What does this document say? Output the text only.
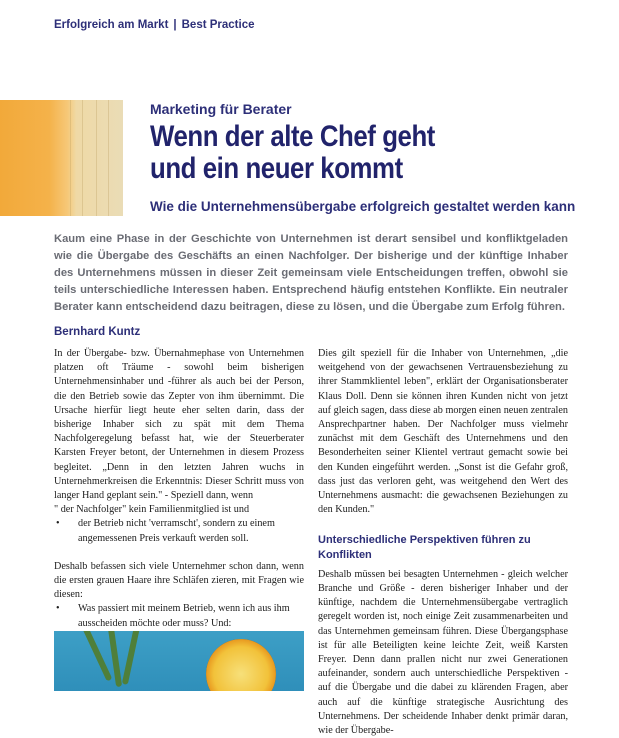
Erfolgreich am Markt | Best Practice
Marketing für Berater
Wenn der alte Chef geht
und ein neuer kommt
Wie die Unternehmensübergabe erfolgreich gestaltet werden kann

Kaum eine Phase in der Geschichte von Unternehmen ist derart sensibel und konfliktgeladen wie die Übergabe des Geschäfts an einen Nachfolger. Der bisherige und der künftige Inhaber des Unternehmens müssen in dieser Zeit gemeinsam viele Entscheidungen treffen, obwohl sie teils unterschiedliche Interessen haben. Entsprechend häufig entstehen Konflikte. Ein neutraler Berater kann entscheidend dazu beitragen, diese zu lösen, und die Übergabe zum Erfolg führen.

Bernhard Kuntz

In der Übergabe- bzw. Übernahmephase von Unternehmen platzen oft Träume - sowohl beim bisherigen Unternehmensinhaber und -führer als auch bei der Person, die den Betrieb sowie das Zepter von ihm übernimmt. Die Ursache hierfür liegt heute eher selten darin, dass der bisherige Inhaber sich zu spät mit dem Thema Nachfolgeregelung befasst hat, wie der Steuerberater Karsten Freyer betont, der Unternehmen in diesem Prozess begleitet. „Denn in den letzten Jahren wuchs in Unternehmerkreisen die Erkenntnis: Dieser Schritt muss von langer Hand geplant sein." - Speziell dann, wenn

" der Nachfolger" kein Familienmitglied ist und

• der Betrieb nicht 'verramscht', sondern zu einem angemessenen Preis verkauft werden soll.

Deshalb befassen sich viele Unternehmer schon dann, wenn die ersten grauen Haare ihre Schläfen zieren, mit Fragen wie diesen:

• Was passiert mit meinem Betrieb, wenn ich aus ihm ausscheiden möchte oder muss? Und:
•

Dies gilt speziell für die Inhaber von Unternehmen, „die weitgehend von der gewachsenen Vertrauensbeziehung zu ihrer Stammklientel leben", erklärt der Organisationsberater Klaus Doll. Denn sie können ihren Kunden nicht von jetzt auf gleich sagen, dass diese ab morgen einen neuen zentralen Ansprechpartner haben. Der Nachfolger muss vielmehr zunächst mit dem Geschäft des Unternehmens und den Besonderheiten seiner Klientel vertraut gemacht sowie bei den Kunden eingeführt werden. „Sonst ist die Gefahr groß, dass just das verloren geht, was weitgehend den Wert des Unternehmens ausmacht: die gewachsenen Beziehungen zu den Kunden."

Unterschiedliche Perspektiven führen zu Konflikten

Deshalb müssen bei besagten Unternehmen - gleich welcher Branche und Größe - deren bisheriger Inhaber und der künftige, nachdem die Unternehmensübergabe vertraglich geregelt worden ist, noch einige Zeit zusammenarbeiten und das Unternehmen gemeinsam führen. Diese Übergangsphase ist für alle Beteiligten keine leichte Zeit, weiß Karsten Freyer. Denn dann prallen nicht nur zwei Generationen aufeinander, sondern auch unterschiedliche Perspektiven - auf die Übergabe und die dabei zu klärenden Fragen, aber auch auf die künftige strategische Ausrichtung des Unternehmens. Der scheidende Inhaber denkt primär daran, wie der Übergabe-
